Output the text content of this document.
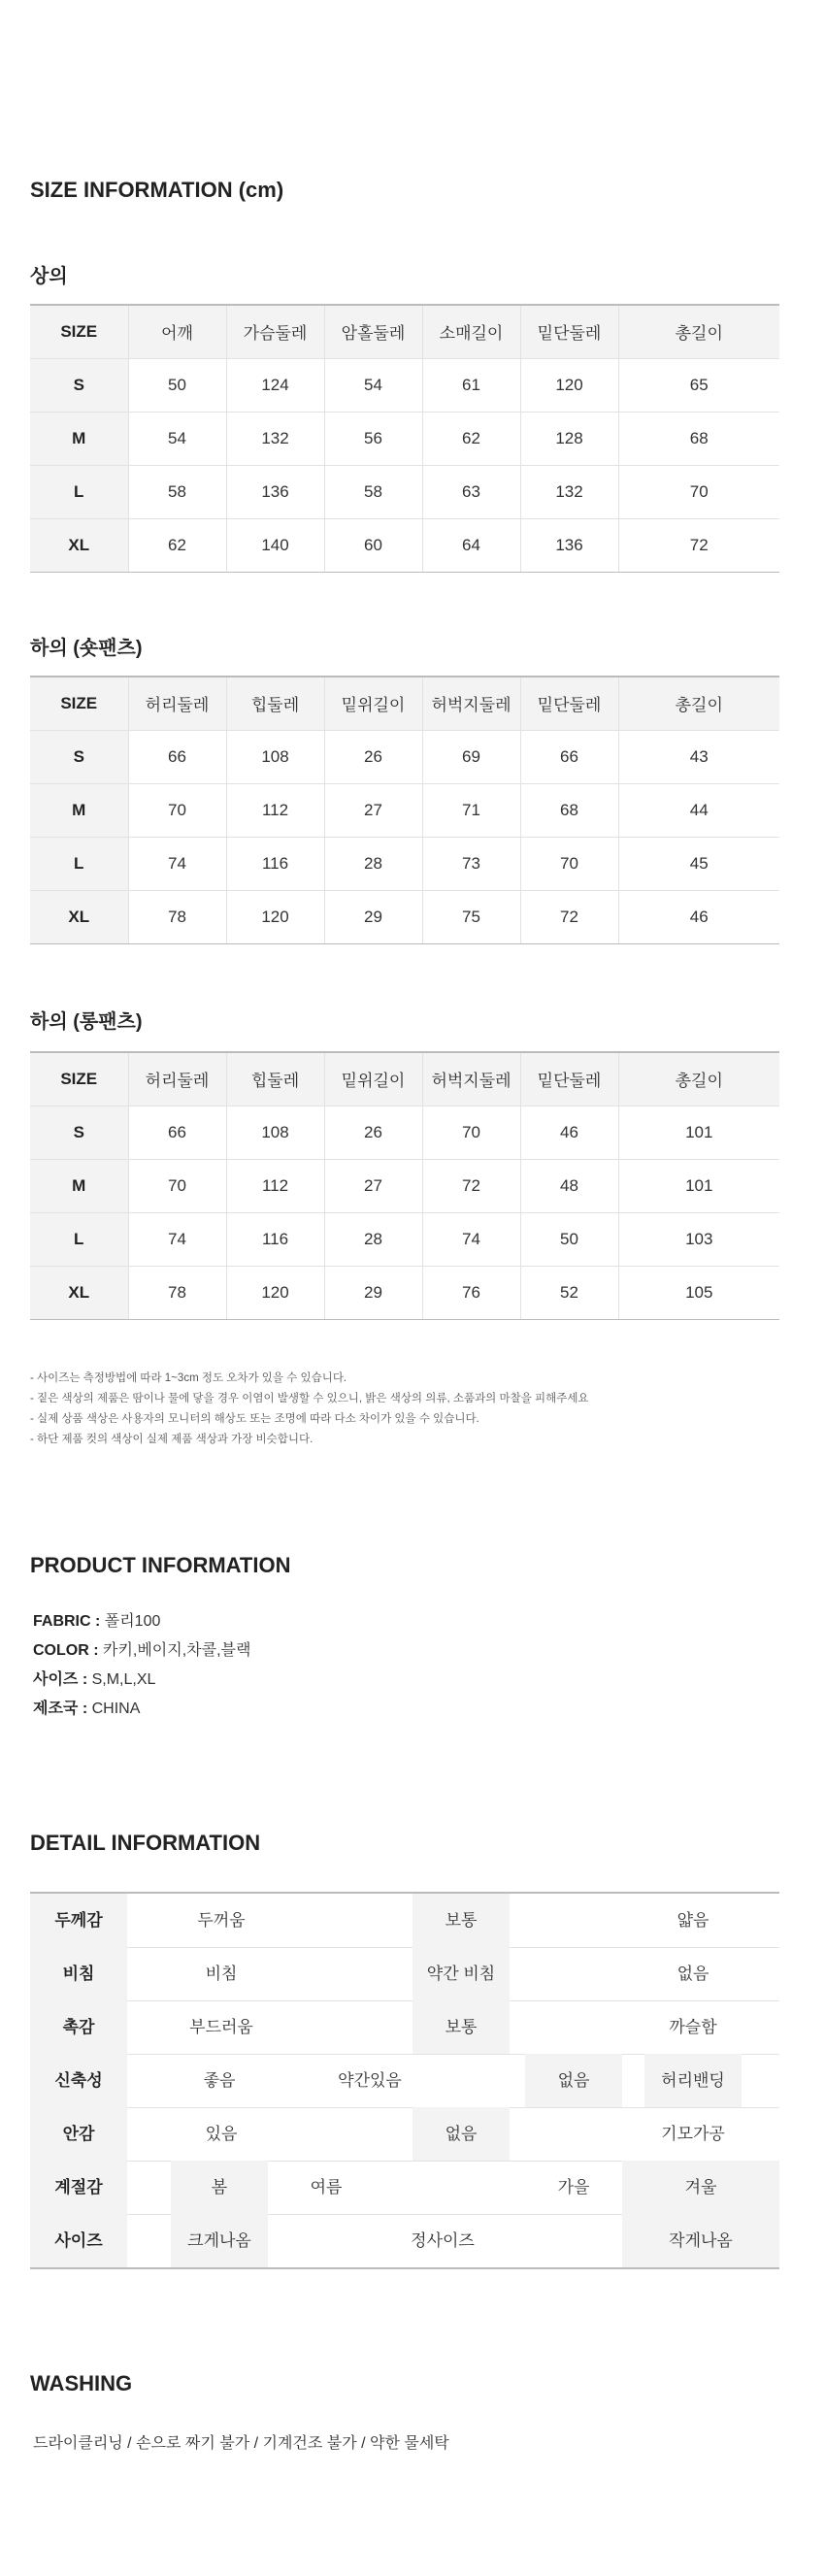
SIZE INFORMATION (cm)
상의
SIZE	어깨	가슴둘레	암홀둘레	소매길이	밑단둘레	총길이
S	50	124	54	61	120	65
M	54	132	56	62	128	68
L	58	136	58	63	132	70
XL	62	140	60	64	136	72
하의 (숏팬츠)
SIZE	허리둘레	힙둘레	밑위길이	허벅지둘레	밑단둘레	총길이
S	66	108	26	69	66	43
M	70	112	27	71	68	44
L	74	116	28	73	70	45
XL	78	120	29	75	72	46
하의 (롱팬츠)
SIZE	허리둘레	힙둘레	밑위길이	허벅지둘레	밑단둘레	총길이
S	66	108	26	70	46	101
M	70	112	27	72	48	101
L	74	116	28	74	50	103
XL	78	120	29	76	52	105
- 사이즈는 측정방법에 따라 1~3cm 정도 오차가 있을 수 있습니다.
- 짙은 색상의 제품은 땀이나 물에 닿을 경우 이염이 발생할 수 있으니, 밝은 색상의 의류, 소품과의 마찰을 피해주세요
- 실제 상품 색상은 사용자의 모니터의 해상도 또는 조명에 따라 다소 차이가 있을 수 있습니다.
- 하단 제품 컷의 색상이 실제 제품 색상과 가장 비슷합니다.
PRODUCT INFORMATION
FABRIC : 폴리100
COLOR : 카키,베이지,차콜,블랙
사이즈 : S,M,L,XL
제조국 : CHINA
DETAIL INFORMATION
두께감	두꺼움	보통	얇음
비침	비침	약간 비침	없음
촉감	부드러움	보통	까슬함
신축성	좋음	약간있음	없음	허리밴딩
안감	있음	없음	기모가공
계절감	봄	여름	가을	겨울
사이즈	크게나옴	정사이즈	작게나옴
WASHING
드라이클리닝 / 손으로 짜기 불가 / 기계건조 불가 / 약한 물세탁
